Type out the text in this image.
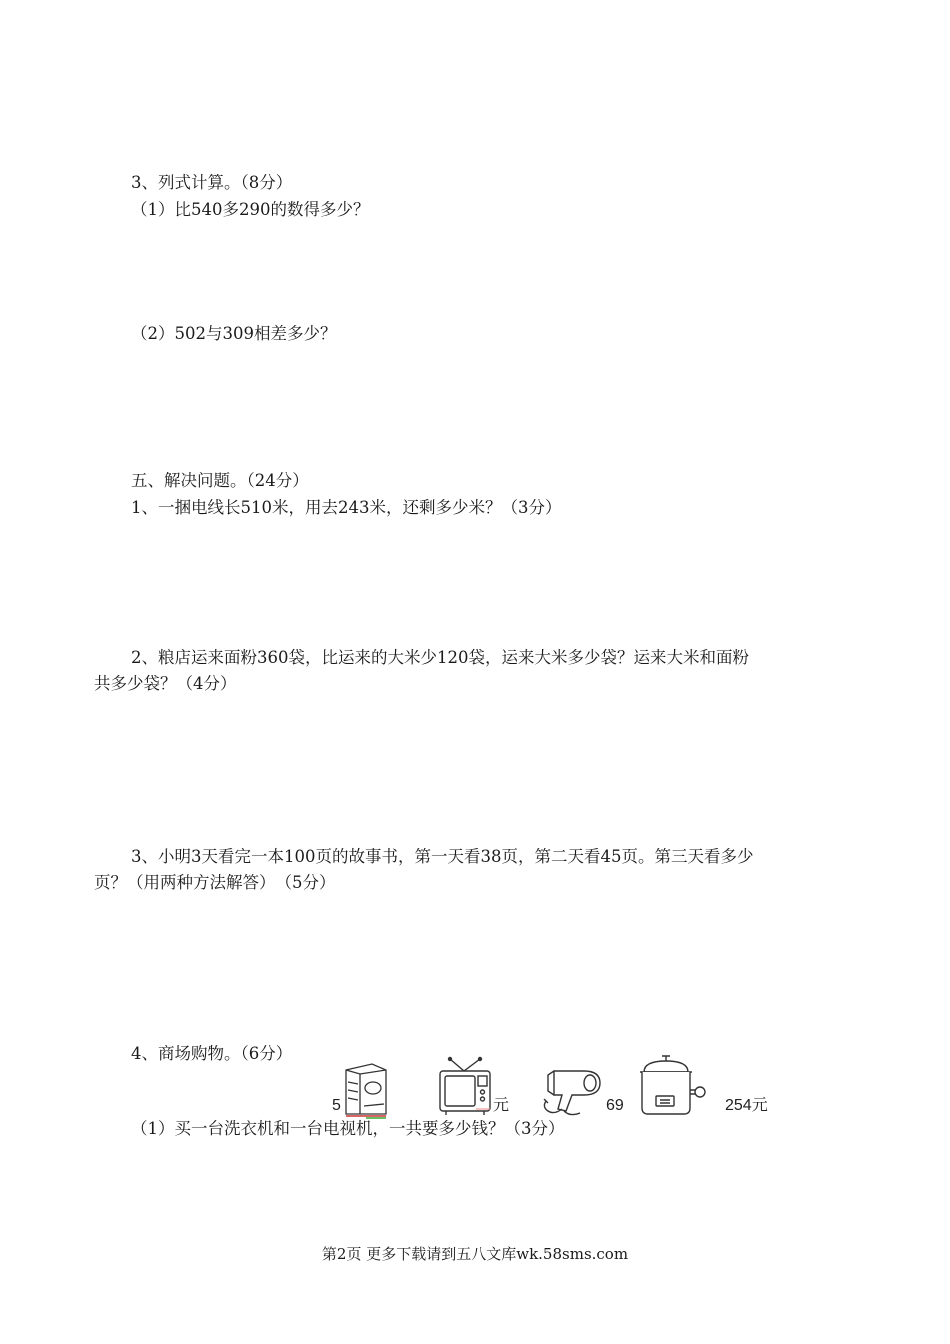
3、列式计算。（8分）
（1）比540多290的数得多少？
（2）502与309相差多少？
五、解决问题。（24分）
1、一捆电线长510米，用去243米，还剩多少米？（3分）
2、粮店运来面粉360袋，比运来的大米少120袋，运来大米多少袋？运来大米和面粉
共多少袋？（4分）
3、小明3天看完一本100页的故事书，第一天看38页，第二天看45页。第三天看多少
页？（用两种方法解答）　（5分）
4、商场购物。（6分）
5	元	69	254元
（1）买一台洗衣机和一台电视机，一共要多少钱？（3分）
第2页 更多下载请到五八文库wk.58sms.com
